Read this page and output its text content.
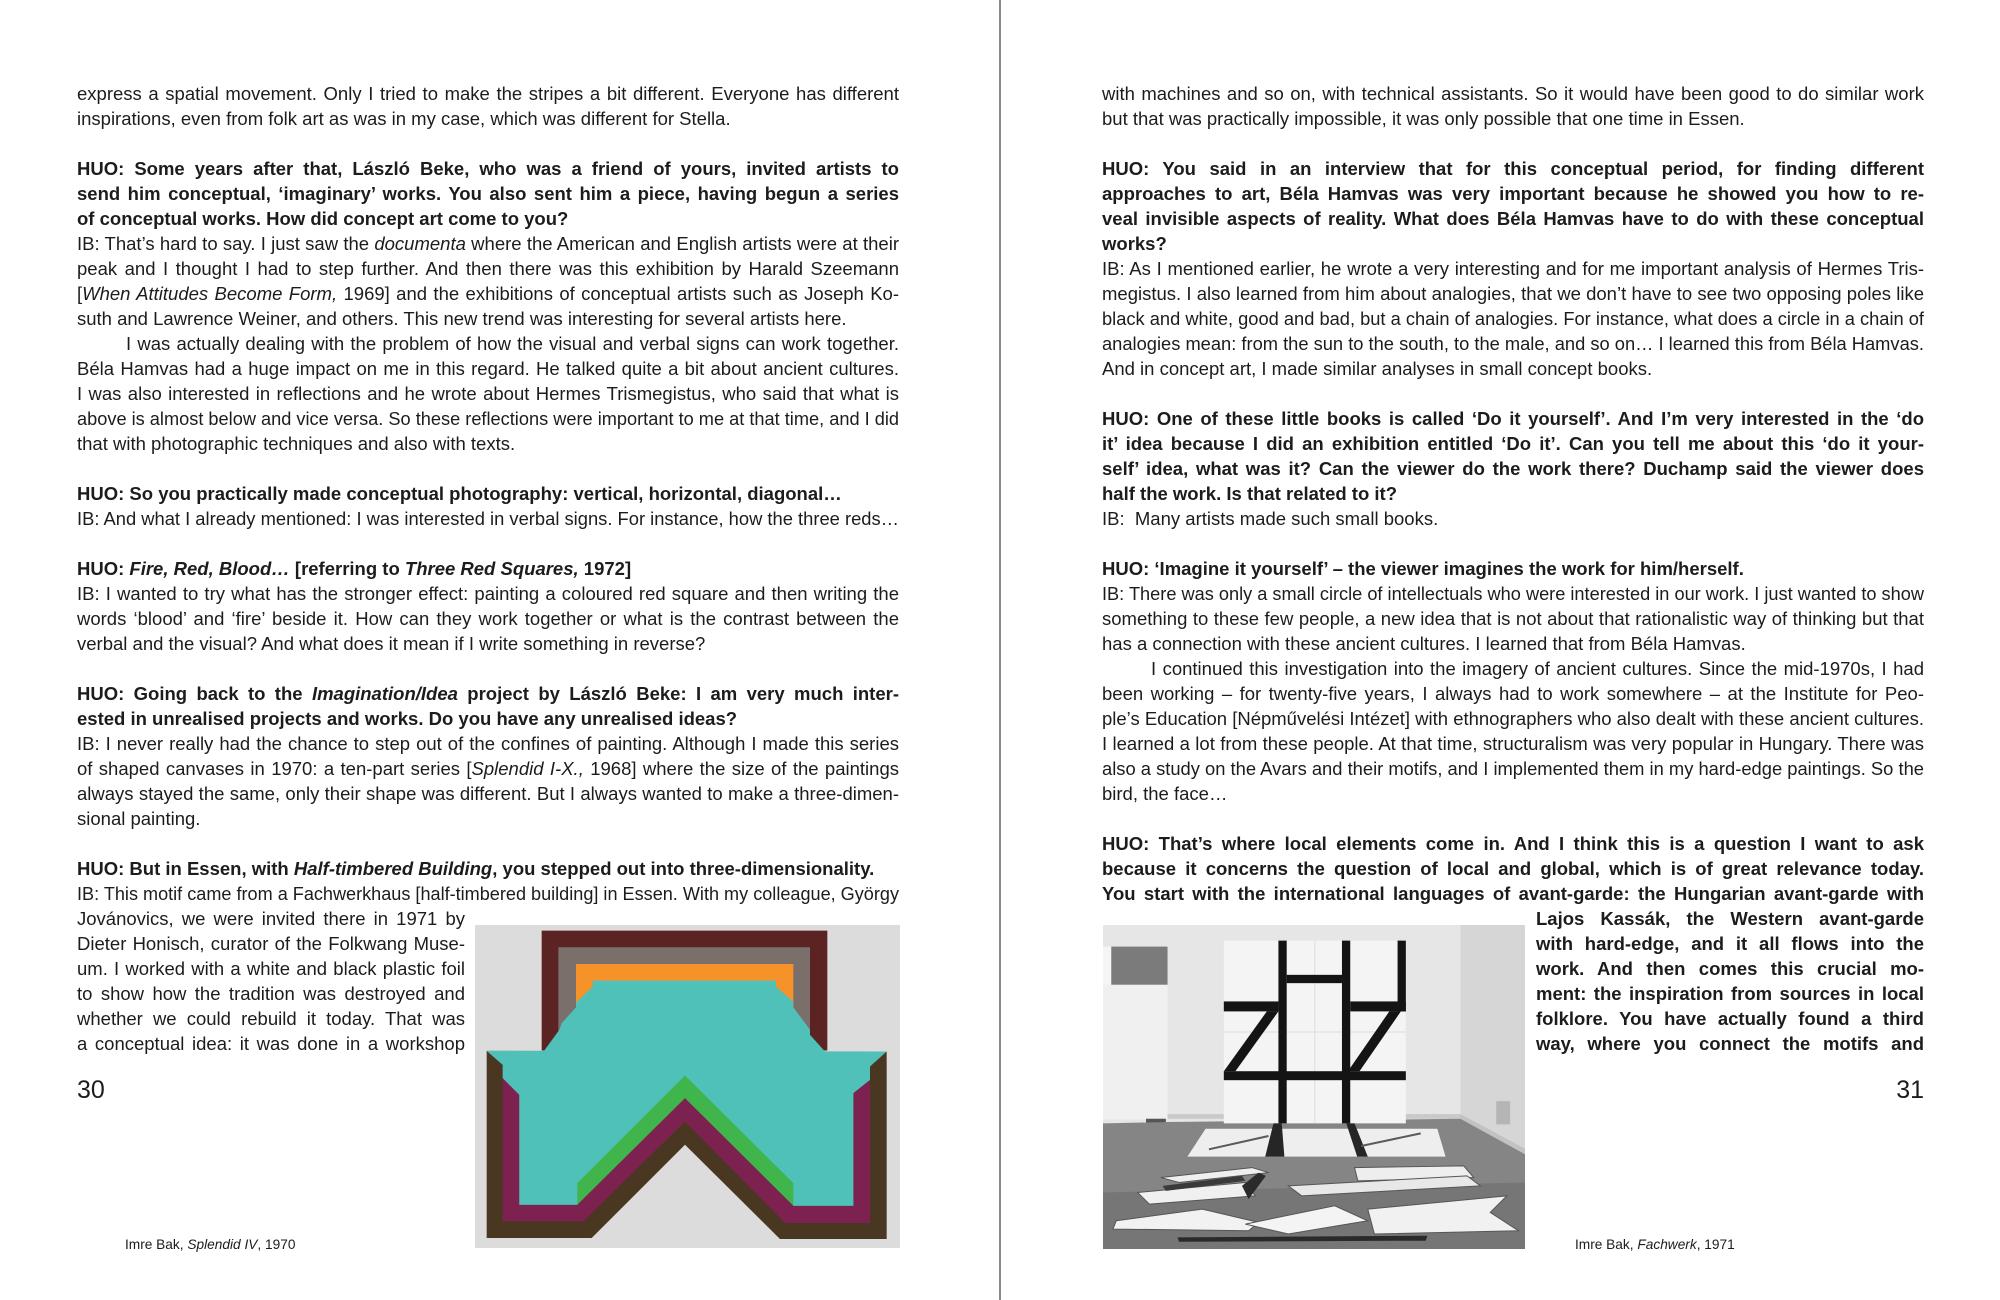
express a spatial movement. Only I tried to make the stripes a bit different. Everyone has different
inspirations, even from folk art as was in my case, which was different for Stella.
HUO: Some years after that, László Beke, who was a friend of yours, invited artists to
send him conceptual, ‘imaginary’ works. You also sent him a piece, having begun a series
of conceptual works. How did concept art come to you?
IB: That’s hard to say. I just saw the documenta where the American and English artists were at their
peak and I thought I had to step further. And then there was this exhibition by Harald Szeemann
[When Attitudes Become Form, 1969] and the exhibitions of conceptual artists such as Joseph Ko-
suth and Lawrence Weiner, and others. This new trend was interesting for several artists here.
I was actually dealing with the problem of how the visual and verbal signs can work together.
Béla Hamvas had a huge impact on me in this regard. He talked quite a bit about ancient cultures.
I was also interested in reflections and he wrote about Hermes Trismegistus, who said that what is
above is almost below and vice versa. So these reflections were important to me at that time, and I did
that with photographic techniques and also with texts.
HUO: So you practically made conceptual photography: vertical, horizontal, diagonal…
IB: And what I already mentioned: I was interested in verbal signs. For instance, how the three reds…
HUO: Fire, Red, Blood… [referring to Three Red Squares, 1972]
IB: I wanted to try what has the stronger effect: painting a coloured red square and then writing the
words ‘blood’ and ‘fire’ beside it. How can they work together or what is the contrast between the
verbal and the visual? And what does it mean if I write something in reverse?
HUO: Going back to the Imagination/Idea project by László Beke: I am very much inter-
ested in unrealised projects and works. Do you have any unrealised ideas?
IB: I never really had the chance to step out of the confines of painting. Although I made this series
of shaped canvases in 1970: a ten-part series [Splendid I-X., 1968] where the size of the paintings
always stayed the same, only their shape was different. But I always wanted to make a three-dimen-
sional painting.
HUO: But in Essen, with Half-timbered Building, you stepped out into three-dimensionality.
IB: This motif came from a Fachwerkhaus [half-timbered building] in Essen. With my colleague, György
Jovánovics, we were invited there in 1971 by
Dieter Honisch, curator of the Folkwang Muse-
um. I worked with a white and black plastic foil
to show how the tradition was destroyed and
whether we could rebuild it today. That was
a conceptual idea: it was done in a workshop
30
Imre Bak, Splendid IV, 1970
with machines and so on, with technical assistants. So it would have been good to do similar work
but that was practically impossible, it was only possible that one time in Essen.
HUO: You said in an interview that for this conceptual period, for finding different
approaches to art, Béla Hamvas was very important because he showed you how to re-
veal invisible aspects of reality. What does Béla Hamvas have to do with these conceptual
works?
IB: As I mentioned earlier, he wrote a very interesting and for me important analysis of Hermes Tris-
megistus. I also learned from him about analogies, that we don’t have to see two opposing poles like
black and white, good and bad, but a chain of analogies. For instance, what does a circle in a chain of
analogies mean: from the sun to the south, to the male, and so on… I learned this from Béla Hamvas.
And in concept art, I made similar analyses in small concept books.
HUO: One of these little books is called ‘Do it yourself’. And I’m very interested in the ‘do
it’ idea because I did an exhibition entitled ‘Do it’. Can you tell me about this ‘do it your-
self’ idea, what was it? Can the viewer do the work there? Duchamp said the viewer does
half the work. Is that related to it?
IB:  Many artists made such small books.
HUO: ‘Imagine it yourself’ – the viewer imagines the work for him/herself.
IB: There was only a small circle of intellectuals who were interested in our work. I just wanted to show
something to these few people, a new idea that is not about that rationalistic way of thinking but that
has a connection with these ancient cultures. I learned that from Béla Hamvas.
I continued this investigation into the imagery of ancient cultures. Since the mid-1970s, I had
been working – for twenty-five years, I always had to work somewhere – at the Institute for Peo-
ple’s Education [Népművelési Intézet] with ethnographers who also dealt with these ancient cultures.
I learned a lot from these people. At that time, structuralism was very popular in Hungary. There was
also a study on the Avars and their motifs, and I implemented them in my hard-edge paintings. So the
bird, the face…
HUO: That’s where local elements come in. And I think this is a question I want to ask
because it concerns the question of local and global, which is of great relevance today.
You start with the international languages of avant-garde: the Hungarian avant-garde with
Lajos Kassák, the Western avant-garde
with hard-edge, and it all flows into the
work. And then comes this crucial mo-
ment: the inspiration from sources in local
folklore. You have actually found a third
way, where you connect the motifs and
31
Imre Bak, Fachwerk, 1971
